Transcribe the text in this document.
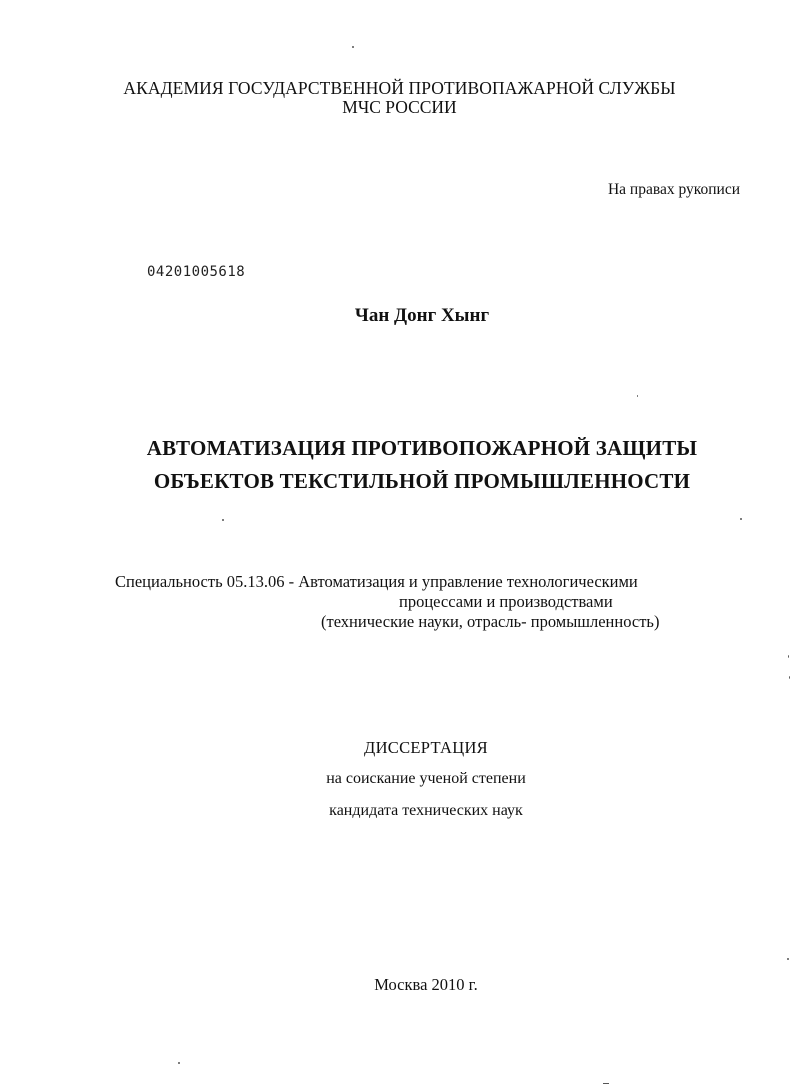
АКАДЕМИЯ ГОСУДАРСТВЕННОЙ ПРОТИВОПАЖАРНОЙ СЛУЖБЫ
МЧС РОССИИ
На правах рукописи
04201005618
Чан Донг Хынг
АВТОМАТИЗАЦИЯ ПРОТИВОПОЖАРНОЙ ЗАЩИТЫ
ОБЪЕКТОВ ТЕКСТИЛЬНОЙ ПРОМЫШЛЕННОСТИ
Специальность 05.13.06 - Автоматизация и управление технологическими
процессами и производствами
(технические науки, отрасль- промышленность)
ДИССЕРТАЦИЯ
на соискание ученой степени
кандидата технических наук
Москва 2010 г.
